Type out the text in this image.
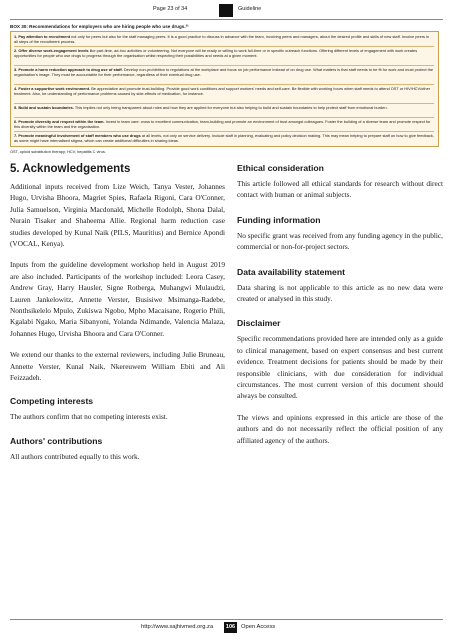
Page 23 of 34	Guideline
BOX 30: Recommendations for employers who are hiring people who use drugs.³¹
1. Pay attention to recruitment not only for peers but also for the staff managing peers. It is a good practice to discuss in advance with the team, involving peers and managers, about the desired profile and skills of new staff. Involve peers in all steps of the recruitment process.
2. Offer diverse work-engagement levels like part-time, ad-hoc activities or volunteering. Not everyone will be ready or willing to work full-time or in specific outreach functions. Offering different levels of engagement with work creates opportunities for people who use drugs to progress through the organisation whilst respecting their possibilities and needs at a given moment.
3. Promote a harm reduction approach to drug use of staff. Develop non-prohibition to regulations at the workplace and focus on job performance instead of on drug use. What matters is that staff needs to be fit for work and must protect the organisation's image. They must be accountable for their performance, regardless of their eventual drug use.
4. Foster a supportive work environment. Be appreciative and promote trust-building. Provide good work conditions and support workers' needs and self-care. Be flexible with working hours when staff needs to attend OST or HIV/HCV/other treatment. Also, be understanding of performance problems caused by side-effects of medication, for instance.
5. Build and sustain boundaries. This implies not only being transparent about roles and how they are applied for everyone but also helping to build and sustain boundaries to help protect staff from emotional burden.
6. Promote diversity and respect within the team. Invest in team care: cross to excellent communication, team-building and promote an environment of trust amongst colleagues. Foster the building of a diverse team and promote respect for this diversity within the team and the organisation.
7. Promote meaningful involvement of staff members who use drugs at all levels, not only on service delivery. Include staff in planning, evaluating and policy decision making. This may mean helping to prepare staff on how to give feedback, as some might have internalised stigma, which can create additional difficulties in sharing ideas.
OST, opioid substitution therapy; HCV, hepatitis C virus.
5. Acknowledgements

Additional inputs received from Lize Weich, Tanya Vester, Johannes Hugo, Urvisha Bhoora, Magriet Spies, Rafaela Rigoni, Cara O'Conner, Julia Samuelson, Virginia Macdonald, Michelle Rodolph, Shona Dalal, Nurain Tisaker and Shaheema Allie. Regional harm reduction case studies developed by Kunal Naik (PILS, Mauritius) and Bernice Apondi (VOCAL, Kenya).

Inputs from the guideline development workshop held in August 2019 are also included. Participants of the workshop included: Leora Casey, Andrew Gray, Harry Hausler, Signe Rotberga, Muhangwi Mulaudzi, Lauren Jankelowitz, Annette Verster, Busisiwe Msimanga-Radebe, Nonthsikelelo Mpulo, Zukiswa Ngobo, Mpho Macaisane, Rogerio Phili, Kgalabi Ngako, Maria Sibanyoni, Yolanda Ndimande, Valencia Malaza, Johannes Hugo, Urvisha Bhoora and Cara O'Conner.

We extend our thanks to the external reviewers, including Julie Bruneau, Annette Verster, Kunal Naik, Nkereuwem William Ebiti and Ali Feizzadeh.

Competing interests

The authors confirm that no competing interests exist.

Authors' contributions

All authors contributed equally to this work.

Ethical consideration

This article followed all ethical standards for research without direct contact with human or animal subjects.

Funding information

No specific grant was received from any funding agency in the public, commercial or non-for-project sectors.

Data availability statement

Data sharing is not applicable to this article as no new data were created or analysed in this study.

Disclaimer

Specific recommendations provided here are intended only as a guide to clinical management, based on expert consensus and best current evidence. Treatment decisions for patients should be made by their responsible clinicians, with due consideration for individual circumstances. The most current version of this document should always be consulted.

The views and opinions expressed in this article are those of the authors and do not necessarily reflect the official position of any affiliated agency of the authors.

http://www.sajhivmed.org.za	106	Open Access
